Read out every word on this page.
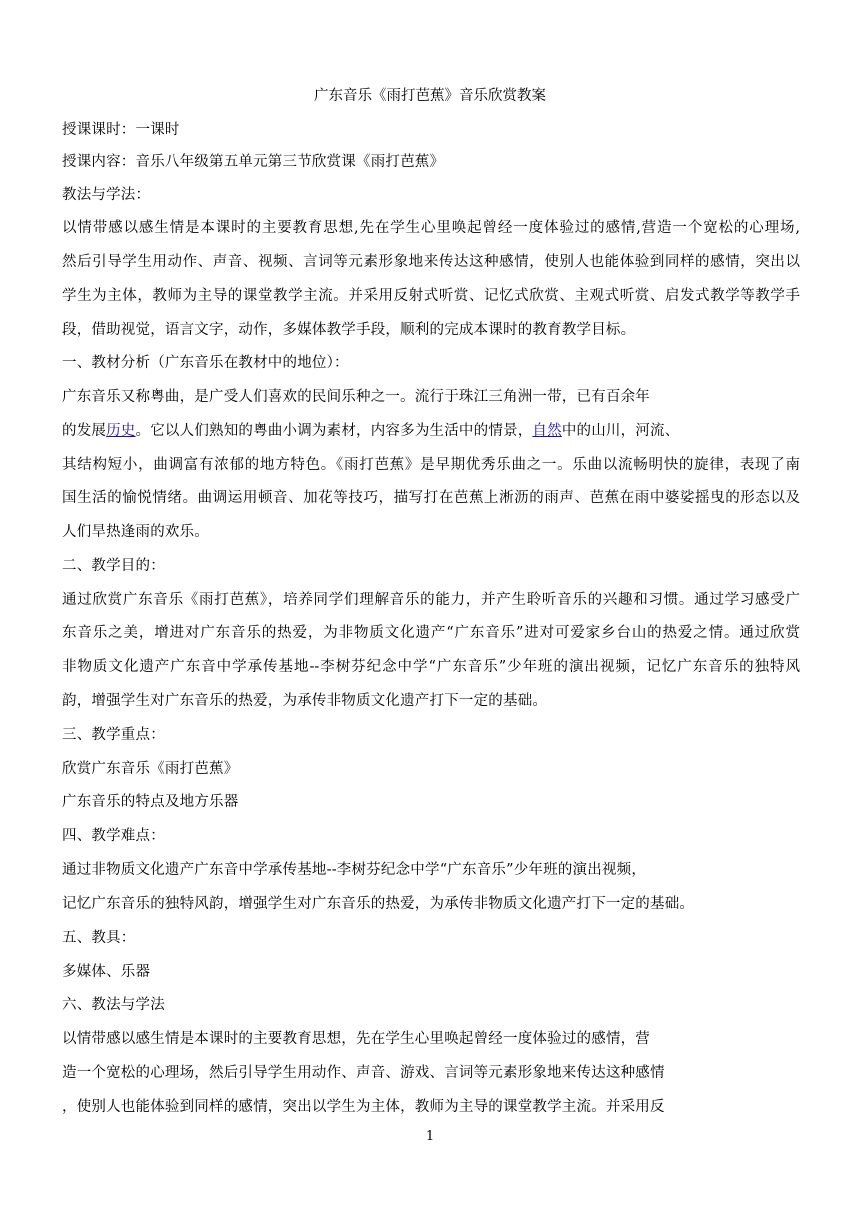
广东音乐《雨打芭蕉》音乐欣赏教案
授课课时：一课时
授课内容：音乐八年级第五单元第三节欣赏课《雨打芭蕉》
教法与学法：
以情带感以感生情是本课时的主要教育思想,先在学生心里唤起曾经一度体验过的感情,营造一个宽松的心理场,
然后引导学生用动作、声音、视频、言词等元素形象地来传达这种感情，使别人也能体验到同样的感情，突出以
学生为主体，教师为主导的课堂教学主流。并采用反射式听赏、记忆式欣赏、主观式听赏、启发式教学等教学手
段，借助视觉，语言文字，动作，多媒体教学手段，顺利的完成本课时的教育教学目标。
一、教材分析（广东音乐在教材中的地位）：
广东音乐又称粤曲，是广受人们喜欢的民间乐种之一。流行于珠江三角洲一带，已有百余年
的发展历史。它以人们熟知的粤曲小调为素材，内容多为生活中的情景，自然中的山川，河流、
其结构短小，曲调富有浓郁的地方特色。《雨打芭蕉》是早期优秀乐曲之一。乐曲以流畅明快的旋律，表现了南
国生活的愉悦情绪。曲调运用顿音、加花等技巧，描写打在芭蕉上淅沥的雨声、芭蕉在雨中婆娑摇曳的形态以及
人们旱热逢雨的欢乐。
二、教学目的：
通过欣赏广东音乐《雨打芭蕉》，培养同学们理解音乐的能力，并产生聆听音乐的兴趣和习惯。通过学习感受广
东音乐之美，增进对广东音乐的热爱，为非物质文化遗产“广东音乐”进对可爱家乡台山的热爱之情。通过欣赏
非物质文化遗产广东音中学承传基地--李树芬纪念中学“广东音乐”少年班的演出视频，记忆广东音乐的独特风
韵，增强学生对广东音乐的热爱，为承传非物质文化遗产打下一定的基础。
三、教学重点：
欣赏广东音乐《雨打芭蕉》
广东音乐的特点及地方乐器
四、教学难点：
通过非物质文化遗产广东音中学承传基地--李树芬纪念中学“广东音乐”少年班的演出视频，
记忆广东音乐的独特风韵，增强学生对广东音乐的热爱，为承传非物质文化遗产打下一定的基础。
五、教具：
多媒体、乐器
六、教法与学法
以情带感以感生情是本课时的主要教育思想，先在学生心里唤起曾经一度体验过的感情，营
造一个宽松的心理场，然后引导学生用动作、声音、游戏、言词等元素形象地来传达这种感情
，使别人也能体验到同样的感情，突出以学生为主体，教师为主导的课堂教学主流。并采用反
1
